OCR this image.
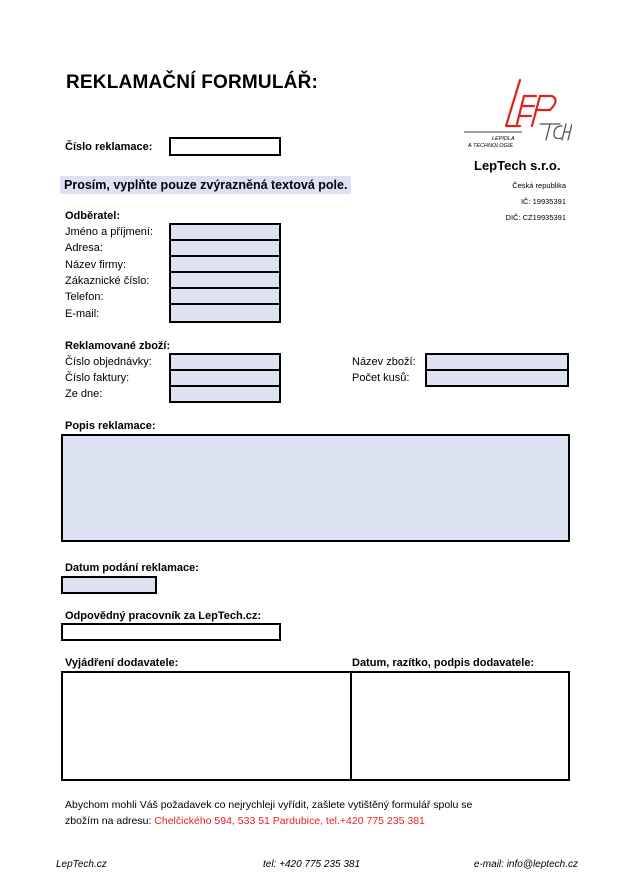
REKLAMAČNÍ FORMULÁŘ:
LEPIDLA
A TECHNOLOGIE
LepTech s.r.o.
Česká republika
IČ: 19935391
DIČ: CZ19935391
Číslo reklamace:
Prosím, vyplňte pouze zvýrazněná textová pole.
Odběratel:
Jméno a příjmení:
Adresa:
Název firmy:
Zákaznické číslo:
Telefon:
E-mail:
Reklamované zboží:
Číslo objednávky:
Číslo faktury:
Ze dne:
Název zboží:
Počet kusů:
Popis reklamace:
Datum podání reklamace:
Odpovědný pracovník za LepTech.cz:
Vyjádření dodavatele:	Datum, razítko, podpis dodavatele:
Abychom mohli Váš požadavek co nejrychleji vyřídit, zašlete vytištěný formulář spolu se
zbožím na adresu: Chelčického 594, 533 51 Pardubice, tel.+420 775 235 381
LepTech.cz	tel: +420 775 235 381	e-mail: info@leptech.cz
